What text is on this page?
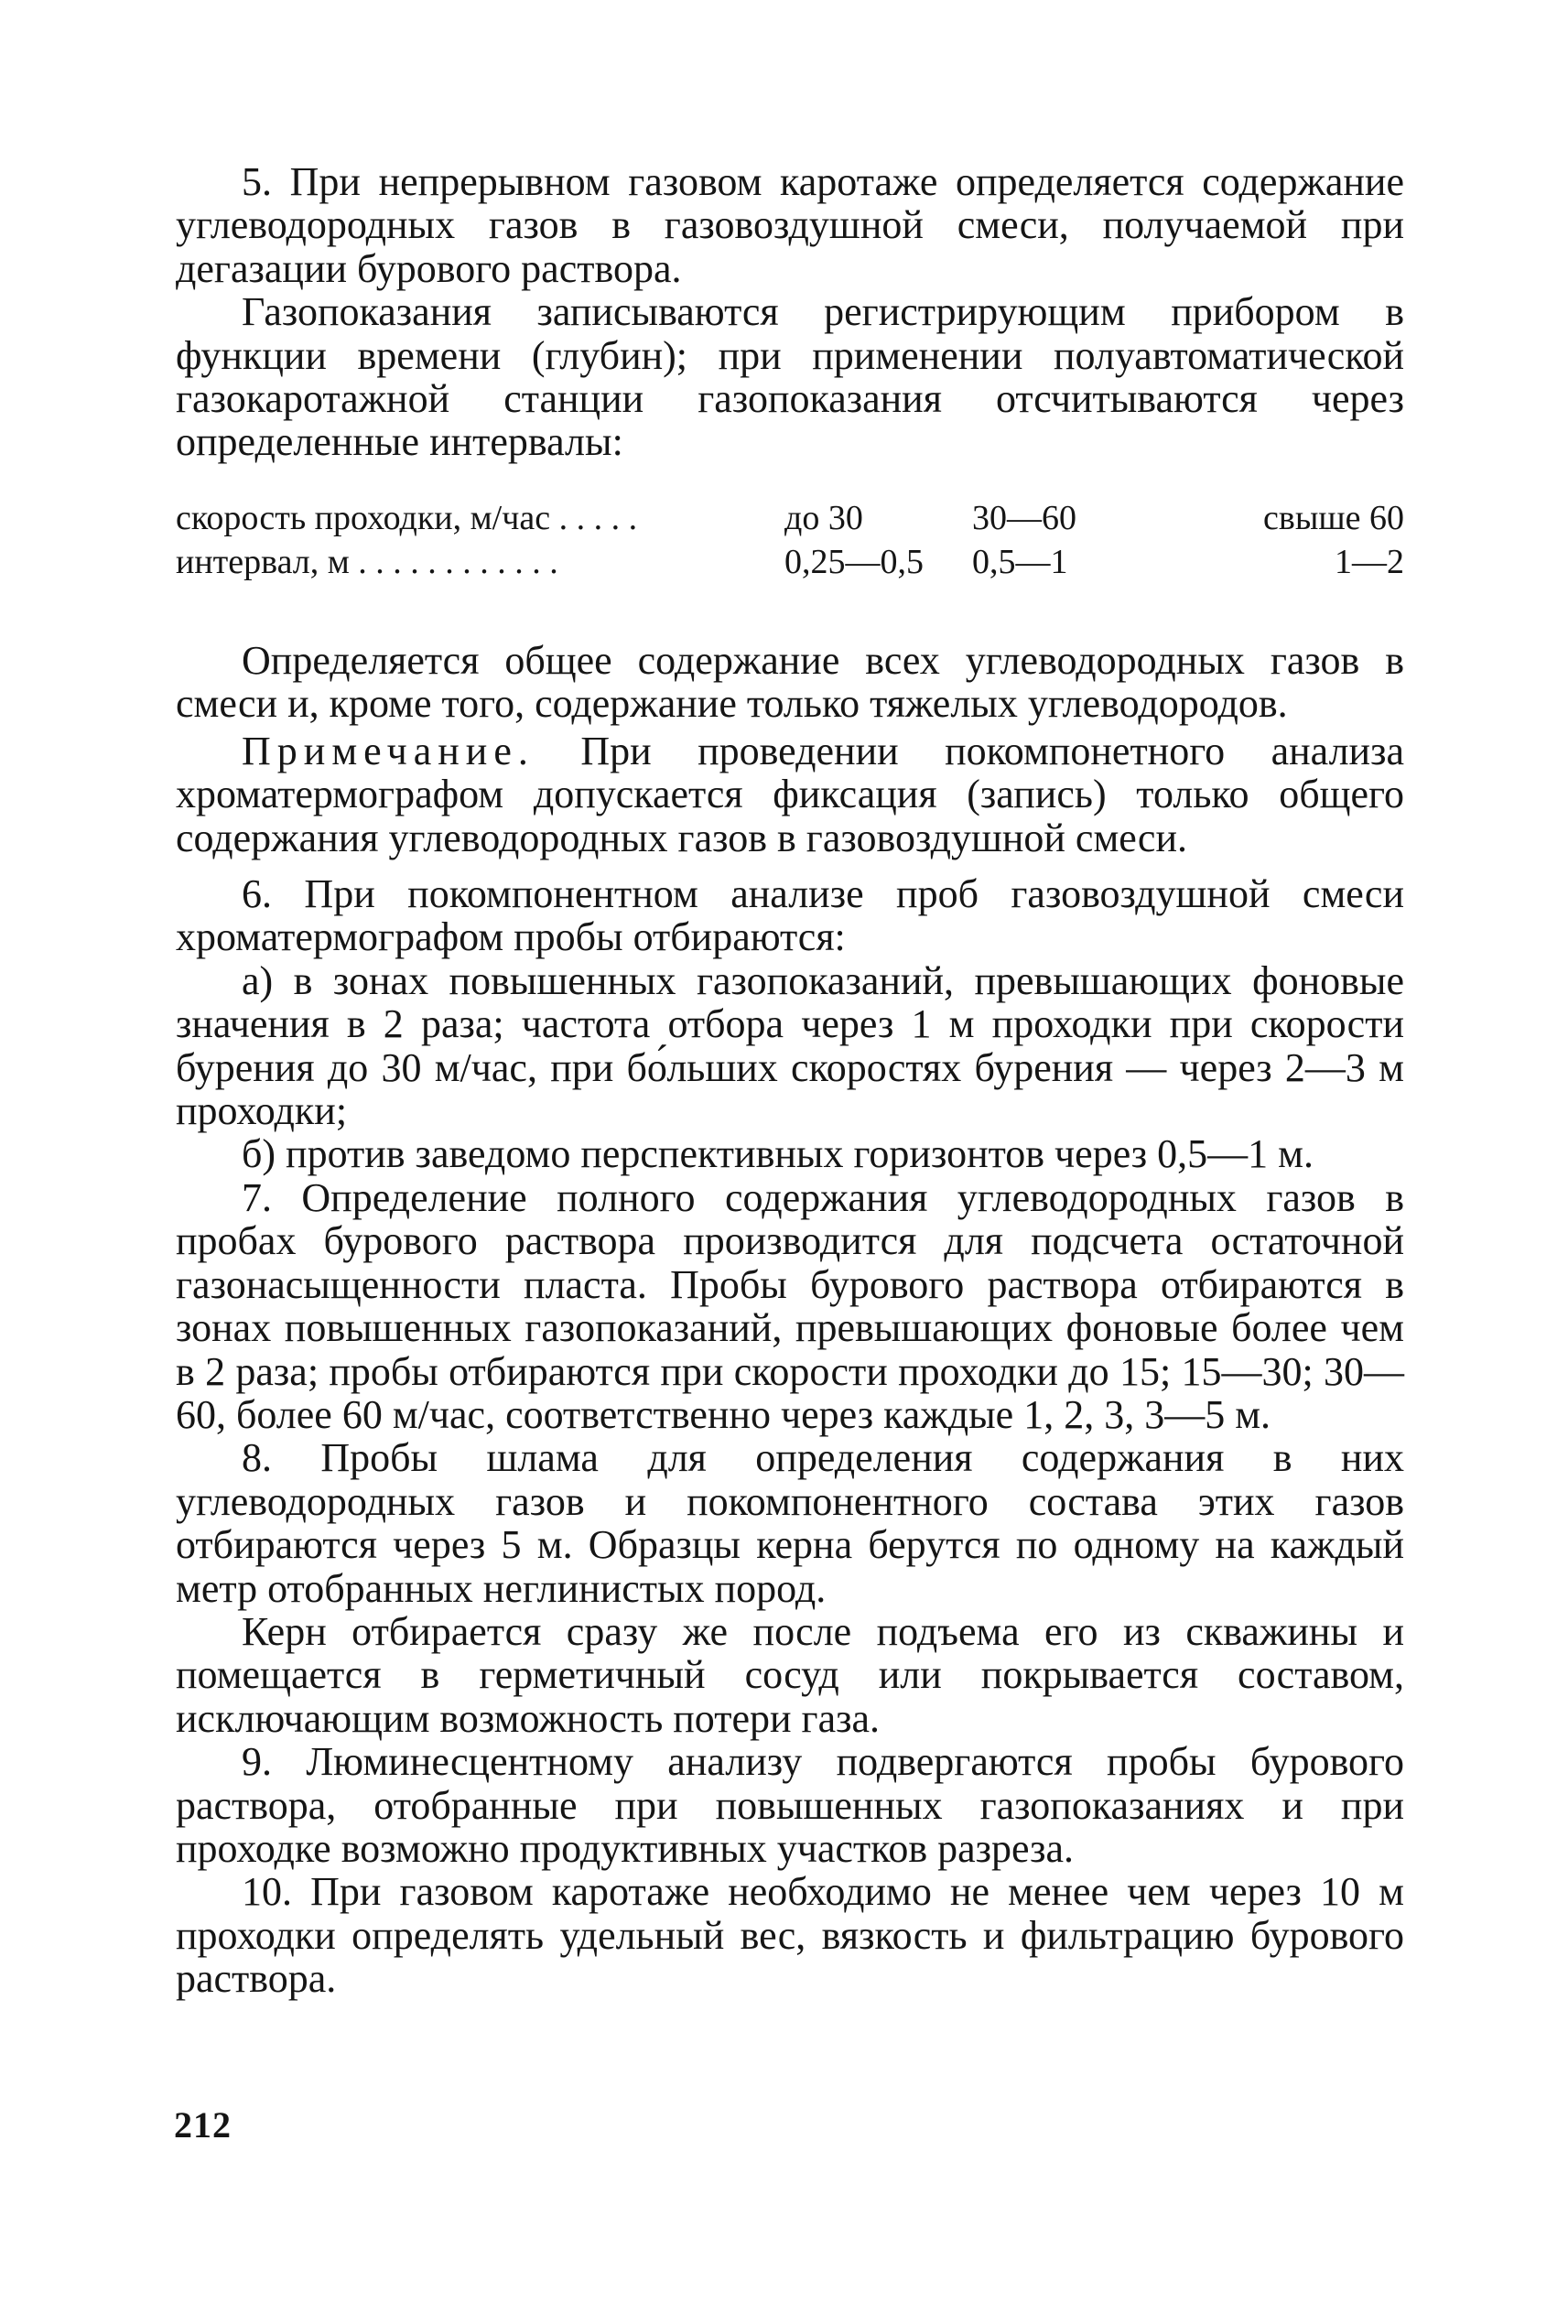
5. При непрерывном газовом каротаже определяется содержание углеводородных газов в газовоздушной смеси, получаемой при дегазации бурового раствора.

Газопоказания записываются регистрирующим прибором в функции времени (глубин); при применении полуавтоматической газокаротажной станции газопоказания отсчитываются через определенные интервалы:

скорость проходки, м/час . . . . .	до 30	30—60	свыше 60
интервал, м . . . . . . . . . . . .	0,25—0,5	0,5—1	1—2

Определяется общее содержание всех углеводородных газов в смеси и, кроме того, содержание только тяжелых углеводородов.

Примечание. При проведении покомпонетного анализа хроматермографом допускается фиксация (запись) только общего содержания углеводородных газов в газовоздушной смеси.

6. При покомпонентном анализе проб газовоздушной смеси хроматермографом пробы отбираются:

а) в зонах повышенных газопоказаний, превышающих фоновые значения в 2 раза; частота отбора через 1 м проходки при скорости бурения до 30 м/час, при бо́льших скоростях бурения — через 2—3 м проходки;

б) против заведомо перспективных горизонтов через 0,5—1 м.

7. Определение полного содержания углеводородных газов в пробах бурового раствора производится для подсчета остаточной газонасыщенности пласта. Пробы бурового раствора отбираются в зонах повышенных газопоказаний, превышающих фоновые более чем в 2 раза; пробы отбираются при скорости проходки до 15; 15—30; 30—60, более 60 м/час, соответственно через каждые 1, 2, 3, 3—5 м.

8. Пробы шлама для определения содержания в них углеводородных газов и покомпонентного состава этих газов отбираются через 5 м. Образцы керна берутся по одному на каждый метр отобранных неглинистых пород.

Керн отбирается сразу же после подъема его из скважины и помещается в герметичный сосуд или покрывается составом, исключающим возможность потери газа.

9. Люминесцентному анализу подвергаются пробы бурового раствора, отобранные при повышенных газопоказаниях и при проходке возможно продуктивных участков разреза.

10. При газовом каротаже необходимо не менее чем через 10 м проходки определять удельный вес, вязкость и фильтрацию бурового раствора.

212
